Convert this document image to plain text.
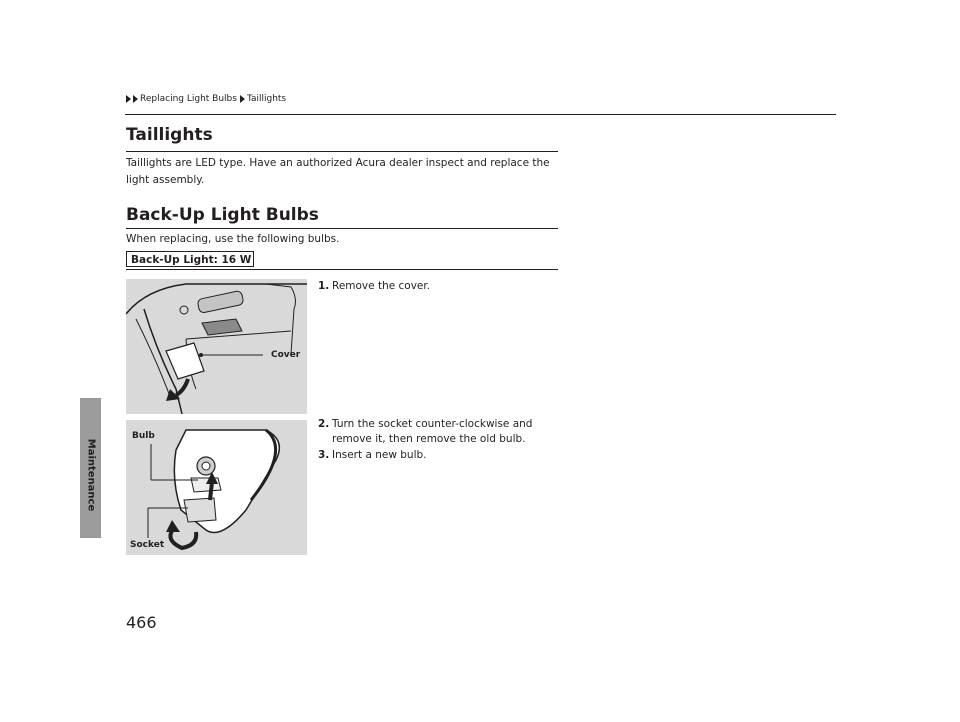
Replacing Light Bulbs Taillights
Maintenance
Taillights

Taillights are LED type. Have an authorized Acura dealer inspect and replace the light assembly.

Back-Up Light Bulbs

When replacing, use the following bulbs.

Back-Up Light: 16 W
Cover
Bulb
Socket
1. Remove the cover.
2. Turn the socket counter-clockwise and
remove it, then remove the old bulb.
3. Insert a new bulb.
466
